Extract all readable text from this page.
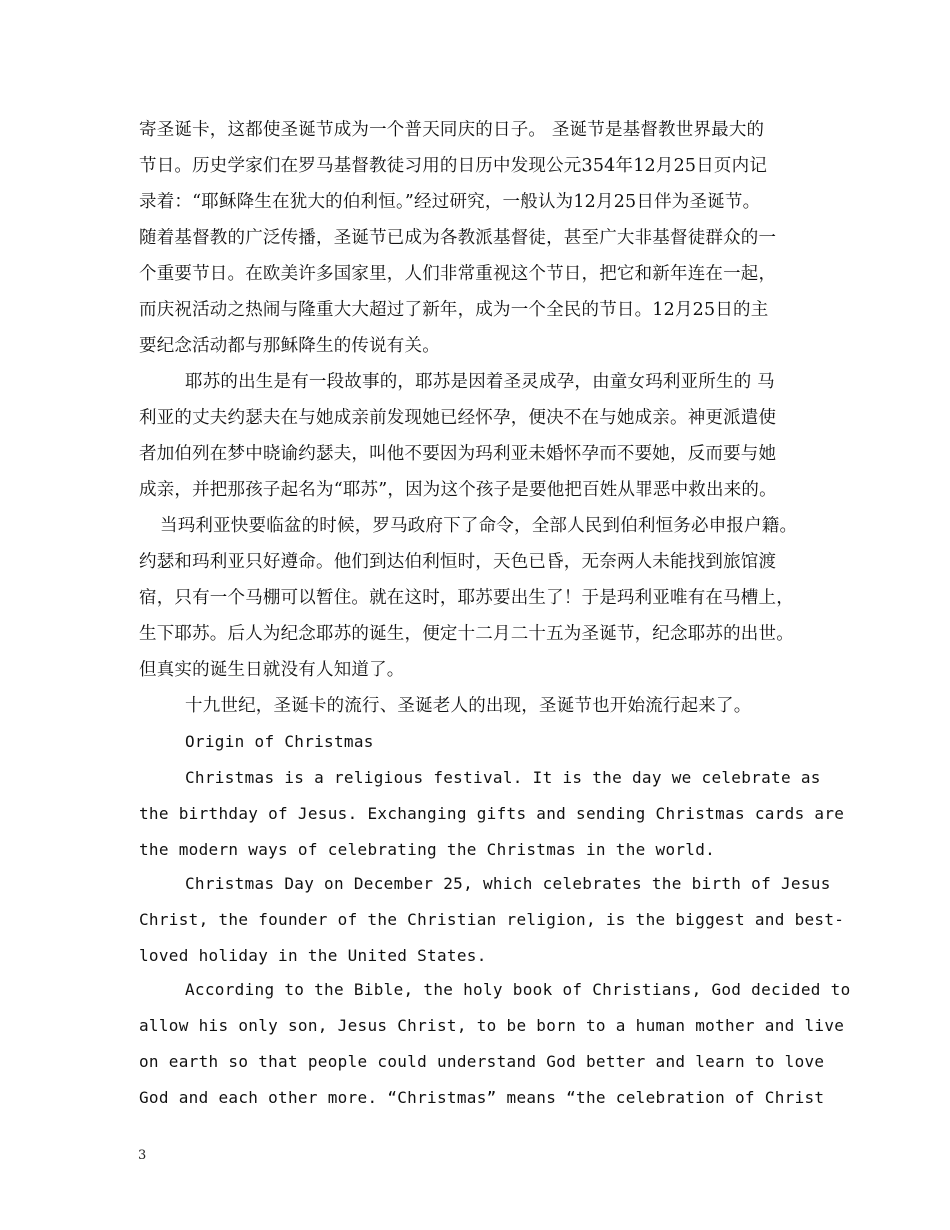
寄圣诞卡，这都使圣诞节成为一个普天同庆的日子。 圣诞节是基督教世界最大的
节日。历史学家们在罗马基督教徒习用的日历中发现公元354年12月25日页内记
录着：“耶稣降生在犹大的伯利恒。”经过研究，一般认为12月25日伴为圣诞节。
随着基督教的广泛传播，圣诞节已成为各教派基督徒，甚至广大非基督徒群众的一
个重要节日。在欧美许多国家里，人们非常重视这个节日，把它和新年连在一起，
而庆祝活动之热闹与隆重大大超过了新年，成为一个全民的节日。12月25日的主
要纪念活动都与那稣降生的传说有关。
耶苏的出生是有一段故事的，耶苏是因着圣灵成孕，由童女玛利亚所生的 马
利亚的丈夫约瑟夫在与她成亲前发现她已经怀孕，便决不在与她成亲。神更派遣使
者加伯列在梦中晓谕约瑟夫，叫他不要因为玛利亚未婚怀孕而不要她，反而要与她
成亲，并把那孩子起名为“耶苏”，因为这个孩子是要他把百姓从罪恶中救出来的。
当玛利亚快要临盆的时候，罗马政府下了命令，全部人民到伯利恒务必申报户籍。
约瑟和玛利亚只好遵命。他们到达伯利恒时，天色已昏，无奈两人未能找到旅馆渡
宿，只有一个马棚可以暂住。就在这时，耶苏要出生了！于是玛利亚唯有在马槽上，
生下耶苏。后人为纪念耶苏的诞生，便定十二月二十五为圣诞节，纪念耶苏的出世。
但真实的诞生日就没有人知道了。
十九世纪，圣诞卡的流行、圣诞老人的出现，圣诞节也开始流行起来了。
Origin of Christmas
Christmas is a religious festival. It is the day we celebrate as
the birthday of Jesus. Exchanging gifts and sending Christmas cards are
the modern ways of celebrating the Christmas in the world.
Christmas Day on December 25, which celebrates the birth of Jesus
Christ, the founder of the Christian religion, is the biggest and best-
loved holiday in the United States.
According to the Bible, the holy book of Christians, God decided to
allow his only son, Jesus Christ, to be born to a human mother and live
on earth so that people could understand God better and learn to love
God and each other more. “Christmas” means “the celebration of Christ
3
